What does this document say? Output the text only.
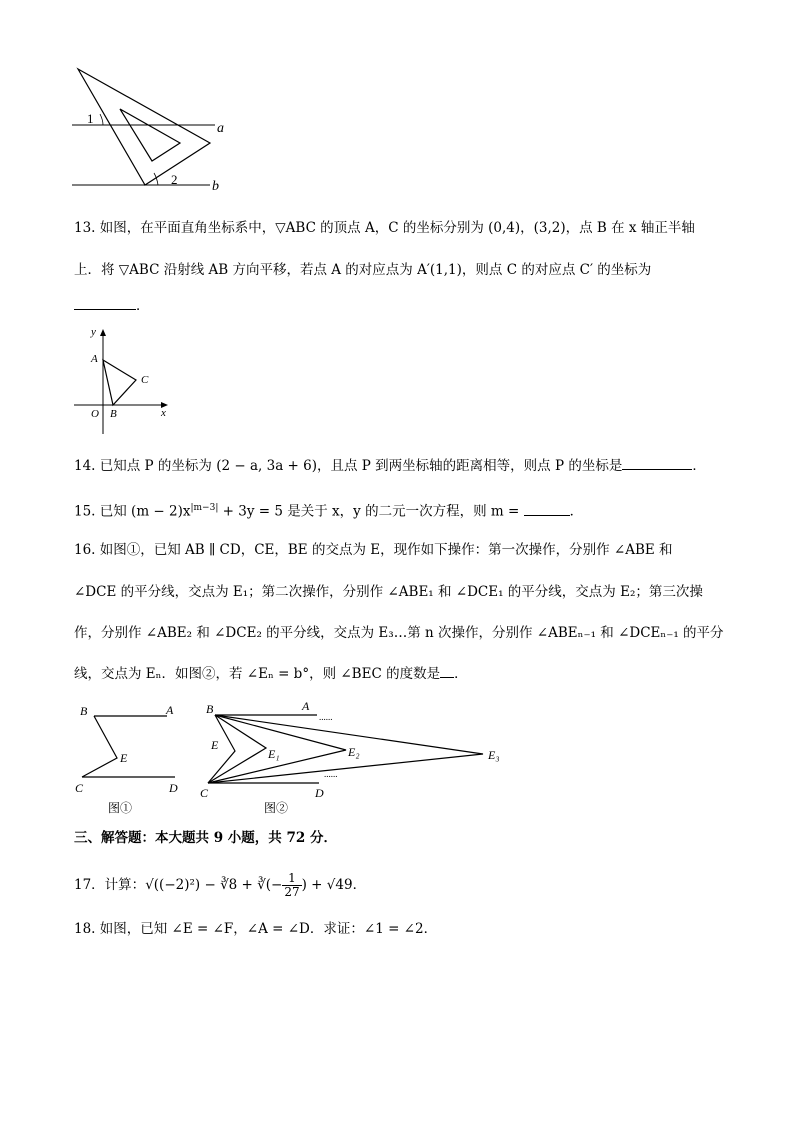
1
2
a
b
13. 如图，在平面直角坐标系中，▽ABC 的顶点 A，C 的坐标分别为 (0,4)，(3,2)，点 B 在 x 轴正半轴
上．将 ▽ABC 沿射线 AB 方向平移，若点 A 的对应点为 A′(1,1)，则点 C 的对应点 C′ 的坐标为
．
y
x
A
C
O B
14. 已知点 P 的坐标为 (2 − a, 3a + 6)，且点 P 到两坐标轴的距离相等，则点 P 的坐标是	．
15. 已知 $(m - 2)x^{|m-3|} + 3y = 5$ 是关于 x，y 的二元一次方程，则 m =	．
16. 如图①，已知 AB ∥ CD，CE，BE 的交点为 E，现作如下操作：第一次操作，分别作 ∠ABE 和
∠DCE 的平分线，交点为 E₁；第二次操作，分别作 ∠ABE₁ 和 ∠DCE₁ 的平分线，交点为 E₂；第三次操
作，分别作 ∠ABE₂ 和 ∠DCE₂ 的平分线，交点为 E₃…第 n 次操作，分别作 ∠ABEₙ₋₁ 和 ∠DCEₙ₋₁ 的平分
线，交点为 Eₙ．如图②，若 ∠Eₙ = b°，则 ∠BEC 的度数是 ．
B	A
E
C	D
图①
B	A
......
E
E₁	E₂	E₃
......
C	D
图②
三、解答题：本大题共 9 小题，共 72 分．
17．计算：√((−2)²) − ∛8 + ∛(− $\frac{1}{27}$ ) + √49．
18. 如图，已知 ∠E = ∠F，∠A = ∠D．求证：∠1 = ∠2．
